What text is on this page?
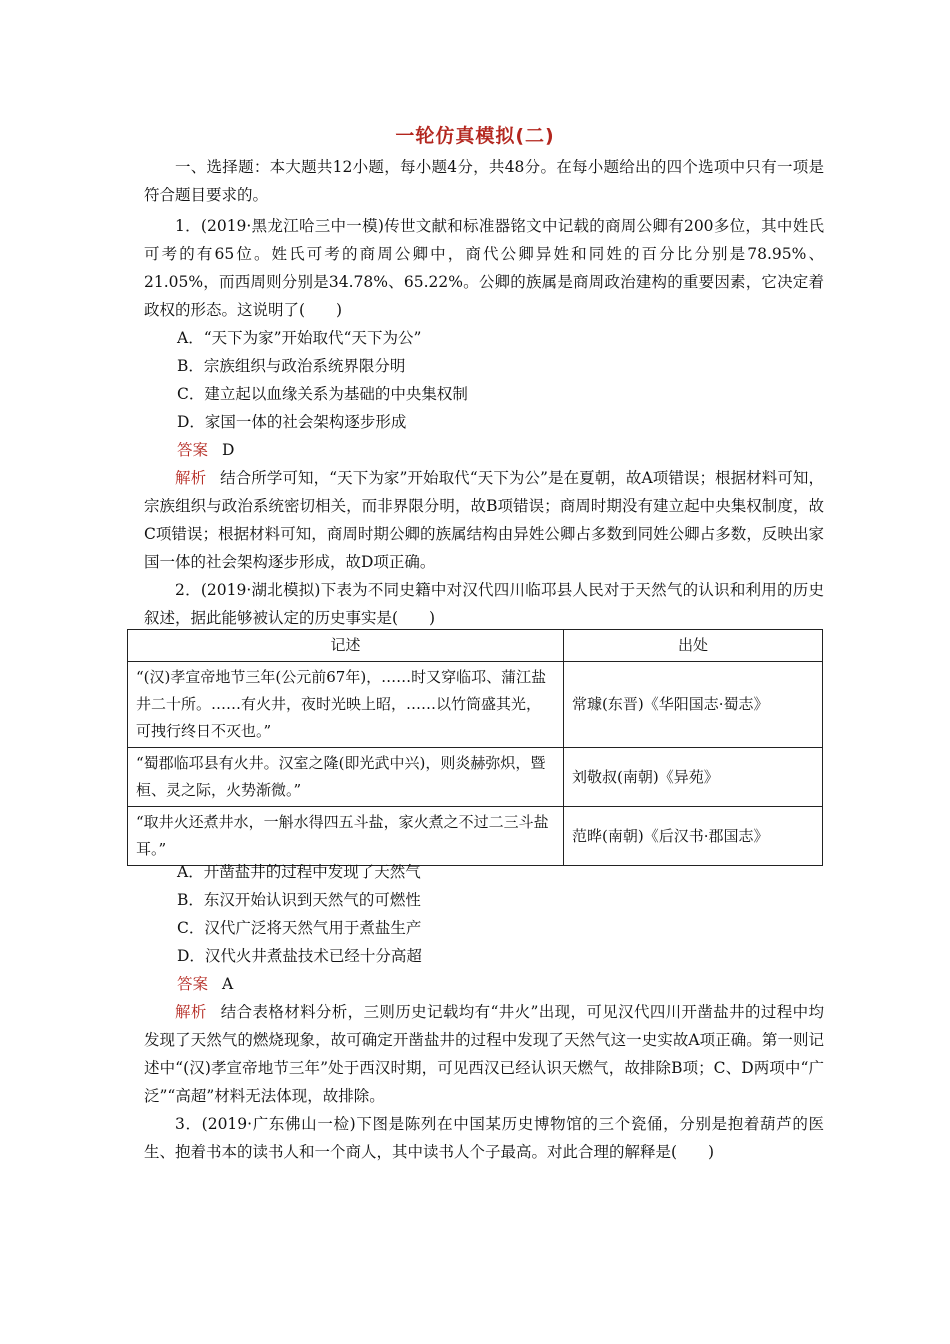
一轮仿真模拟(二)

一、选择题：本大题共12小题，每小题4分，共48分。在每小题给出的四个选项中只有一项是符合题目要求的。

1．(2019·黑龙江哈三中一模)传世文献和标准器铭文中记载的商周公卿有200多位，其中姓氏可考的有65位。姓氏可考的商周公卿中，商代公卿异姓和同姓的百分比分别是78.95%、21.05%，而西周则分别是34.78%、65.22%。公卿的族属是商周政治建构的重要因素，它决定着政权的形态。这说明了(　　)

A．“天下为家”开始取代“天下为公”

B．宗族组织与政治系统界限分明

C．建立起以血缘关系为基础的中央集权制

D．家国一体的社会架构逐步形成

答案 D

解析 结合所学可知，“天下为家”开始取代“天下为公”是在夏朝，故A项错误；根据材料可知，宗族组织与政治系统密切相关，而非界限分明，故B项错误；商周时期没有建立起中央集权制度，故C项错误；根据材料可知，商周时期公卿的族属结构由异姓公卿占多数到同姓公卿占多数，反映出家国一体的社会架构逐步形成，故D项正确。

2．(2019·湖北模拟)下表为不同史籍中对汉代四川临邛县人民对于天然气的认识和利用的历史叙述，据此能够被认定的历史事实是(　　)

记述	出处
“(汉)孝宣帝地节三年(公元前67年)，……时又穿临邛、蒲江盐井二十所。……有火井，夜时光映上昭，……以竹筒盛其光，可拽行终日不灭也。”	常璩(东晋)《华阳国志·蜀志》
“蜀郡临邛县有火井。汉室之隆(即光武中兴)，则炎赫弥炽，暨桓、灵之际，火势渐微。”	刘敬叔(南朝)《异苑》
“取井火还煮井水，一斛水得四五斗盐，家火煮之不过二三斗盐耳。”	范晔(南朝)《后汉书·郡国志》

A．开凿盐井的过程中发现了天然气

B．东汉开始认识到天然气的可燃性

C．汉代广泛将天然气用于煮盐生产

D．汉代火井煮盐技术已经十分高超

答案 A

解析 结合表格材料分析，三则历史记载均有“井火”出现，可见汉代四川开凿盐井的过程中均发现了天然气的燃烧现象，故可确定开凿盐井的过程中发现了天然气这一史实故A项正确。第一则记述中“(汉)孝宣帝地节三年”处于西汉时期，可见西汉已经认识天燃气，故排除B项；C、D两项中“广泛”“高超”材料无法体现，故排除。

3．(2019·广东佛山一检)下图是陈列在中国某历史博物馆的三个瓷俑，分别是抱着葫芦的医生、抱着书本的读书人和一个商人，其中读书人个子最高。对此合理的解释是(　　)
